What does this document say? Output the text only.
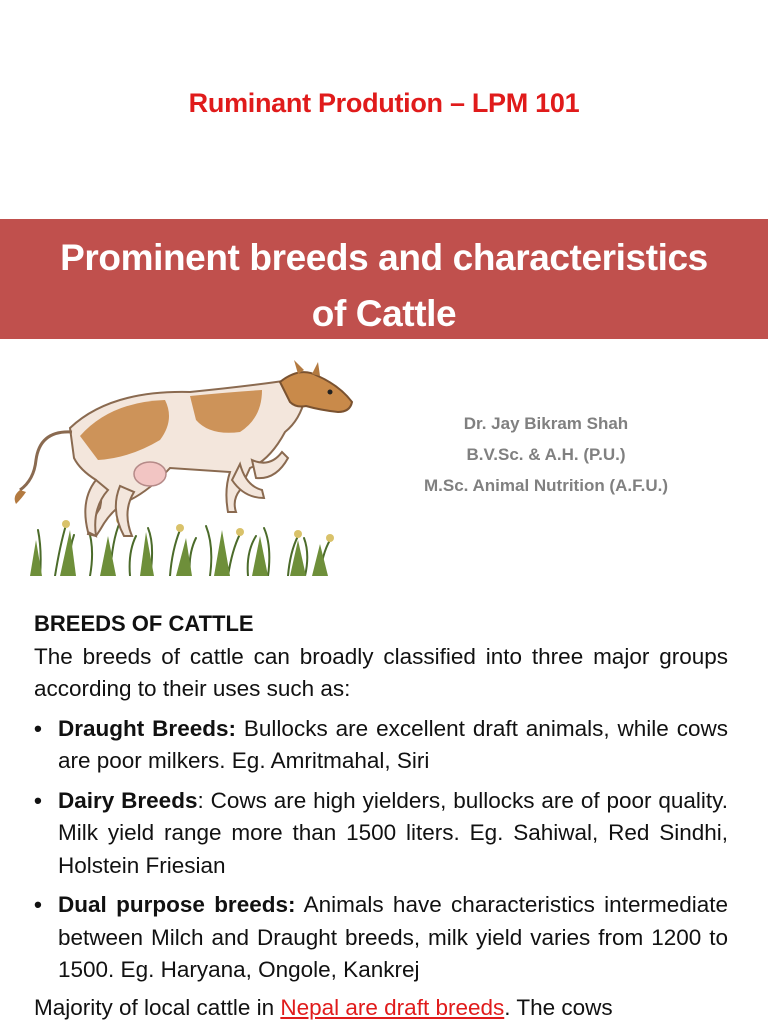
Ruminant Prodution – LPM 101
Prominent breeds and characteristics
of Cattle
Dr. Jay Bikram Shah
B.V.Sc. & A.H. (P.U.)
M.Sc. Animal Nutrition (A.F.U.)
BREEDS OF CATTLE

The breeds of cattle can broadly classified into three major groups according to their uses such as:

• Draught Breeds: Bullocks are excellent draft animals, while cows are poor milkers. Eg. Amritmahal, Siri
• Dairy Breeds: Cows are high yielders, bullocks are of poor quality. Milk yield range more than 1500 liters. Eg. Sahiwal, Red Sindhi, Holstein Friesian
• Dual purpose breeds: Animals have characteristics intermediate between Milch and Draught breeds, milk yield varies from 1200 to 1500. Eg. Haryana, Ongole, Kankrej

Majority of local cattle in Nepal are draft breeds. The cows
